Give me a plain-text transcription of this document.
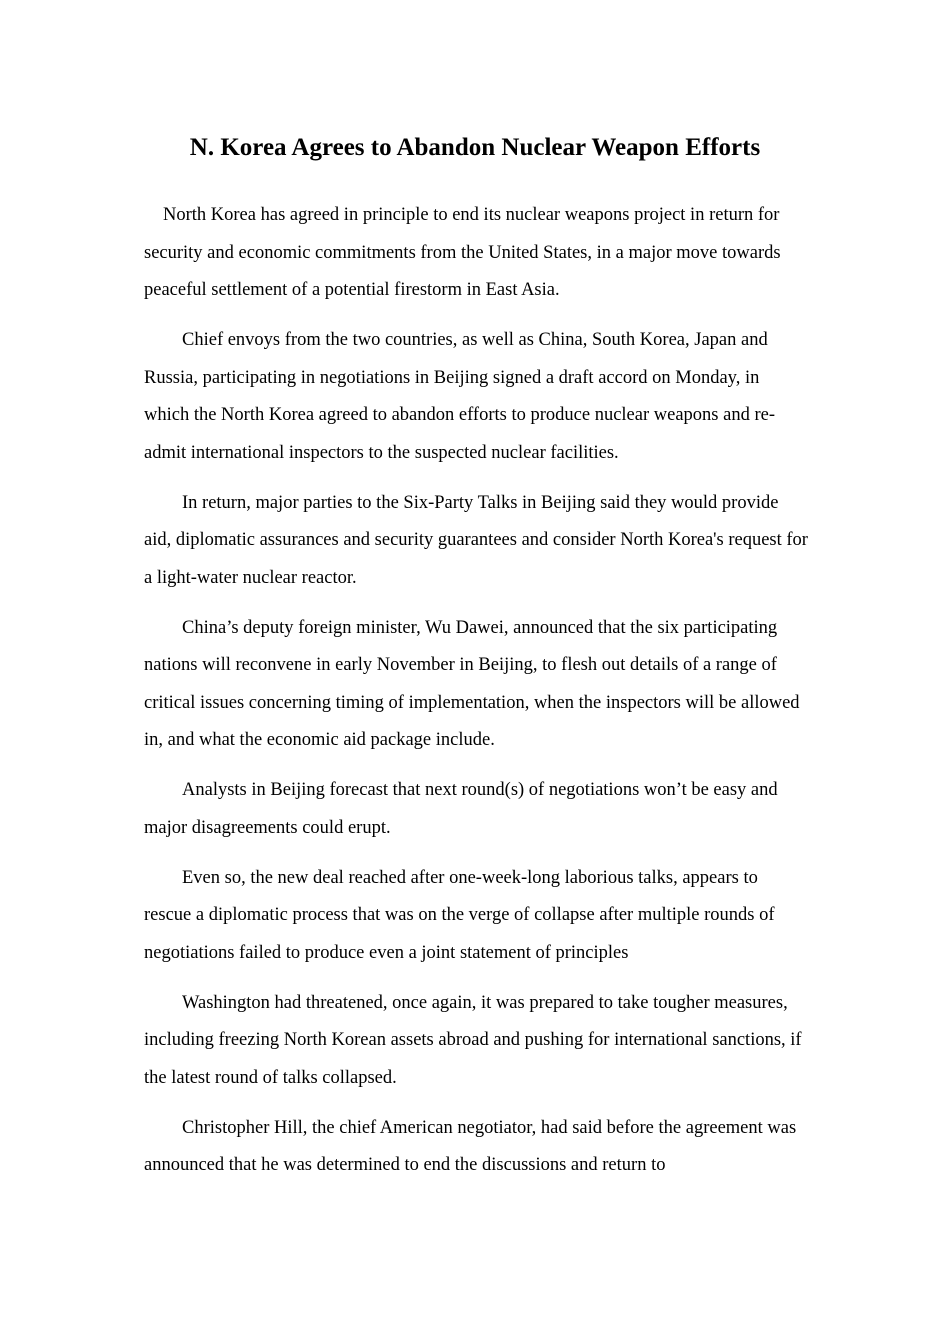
N. Korea Agrees to Abandon Nuclear Weapon Efforts

North Korea has agreed in principle to end its nuclear weapons project in return for security and economic commitments from the United States, in a major move towards peaceful settlement of a potential firestorm in East Asia.

Chief envoys from the two countries, as well as China, South Korea, Japan and Russia, participating in negotiations in Beijing signed a draft accord on Monday, in which the North Korea agreed to abandon efforts to produce nuclear weapons and re-admit international inspectors to the suspected nuclear facilities.

In return, major parties to the Six-Party Talks in Beijing said they would provide aid, diplomatic assurances and security guarantees and consider North Korea's request for a light-water nuclear reactor.

China’s deputy foreign minister, Wu Dawei, announced that the six participating nations will reconvene in early November in Beijing, to flesh out details of a range of critical issues concerning timing of implementation, when the inspectors will be allowed in, and what the economic aid package include.

Analysts in Beijing forecast that next round(s) of negotiations won’t be easy and major disagreements could erupt.

Even so, the new deal reached after one-week-long laborious talks, appears to rescue a diplomatic process that was on the verge of collapse after multiple rounds of negotiations failed to produce even a joint statement of principles

Washington had threatened, once again, it was prepared to take tougher measures, including freezing North Korean assets abroad and pushing for international sanctions, if the latest round of talks collapsed.

Christopher Hill, the chief American negotiator, had said before the agreement was announced that he was determined to end the discussions and return to
